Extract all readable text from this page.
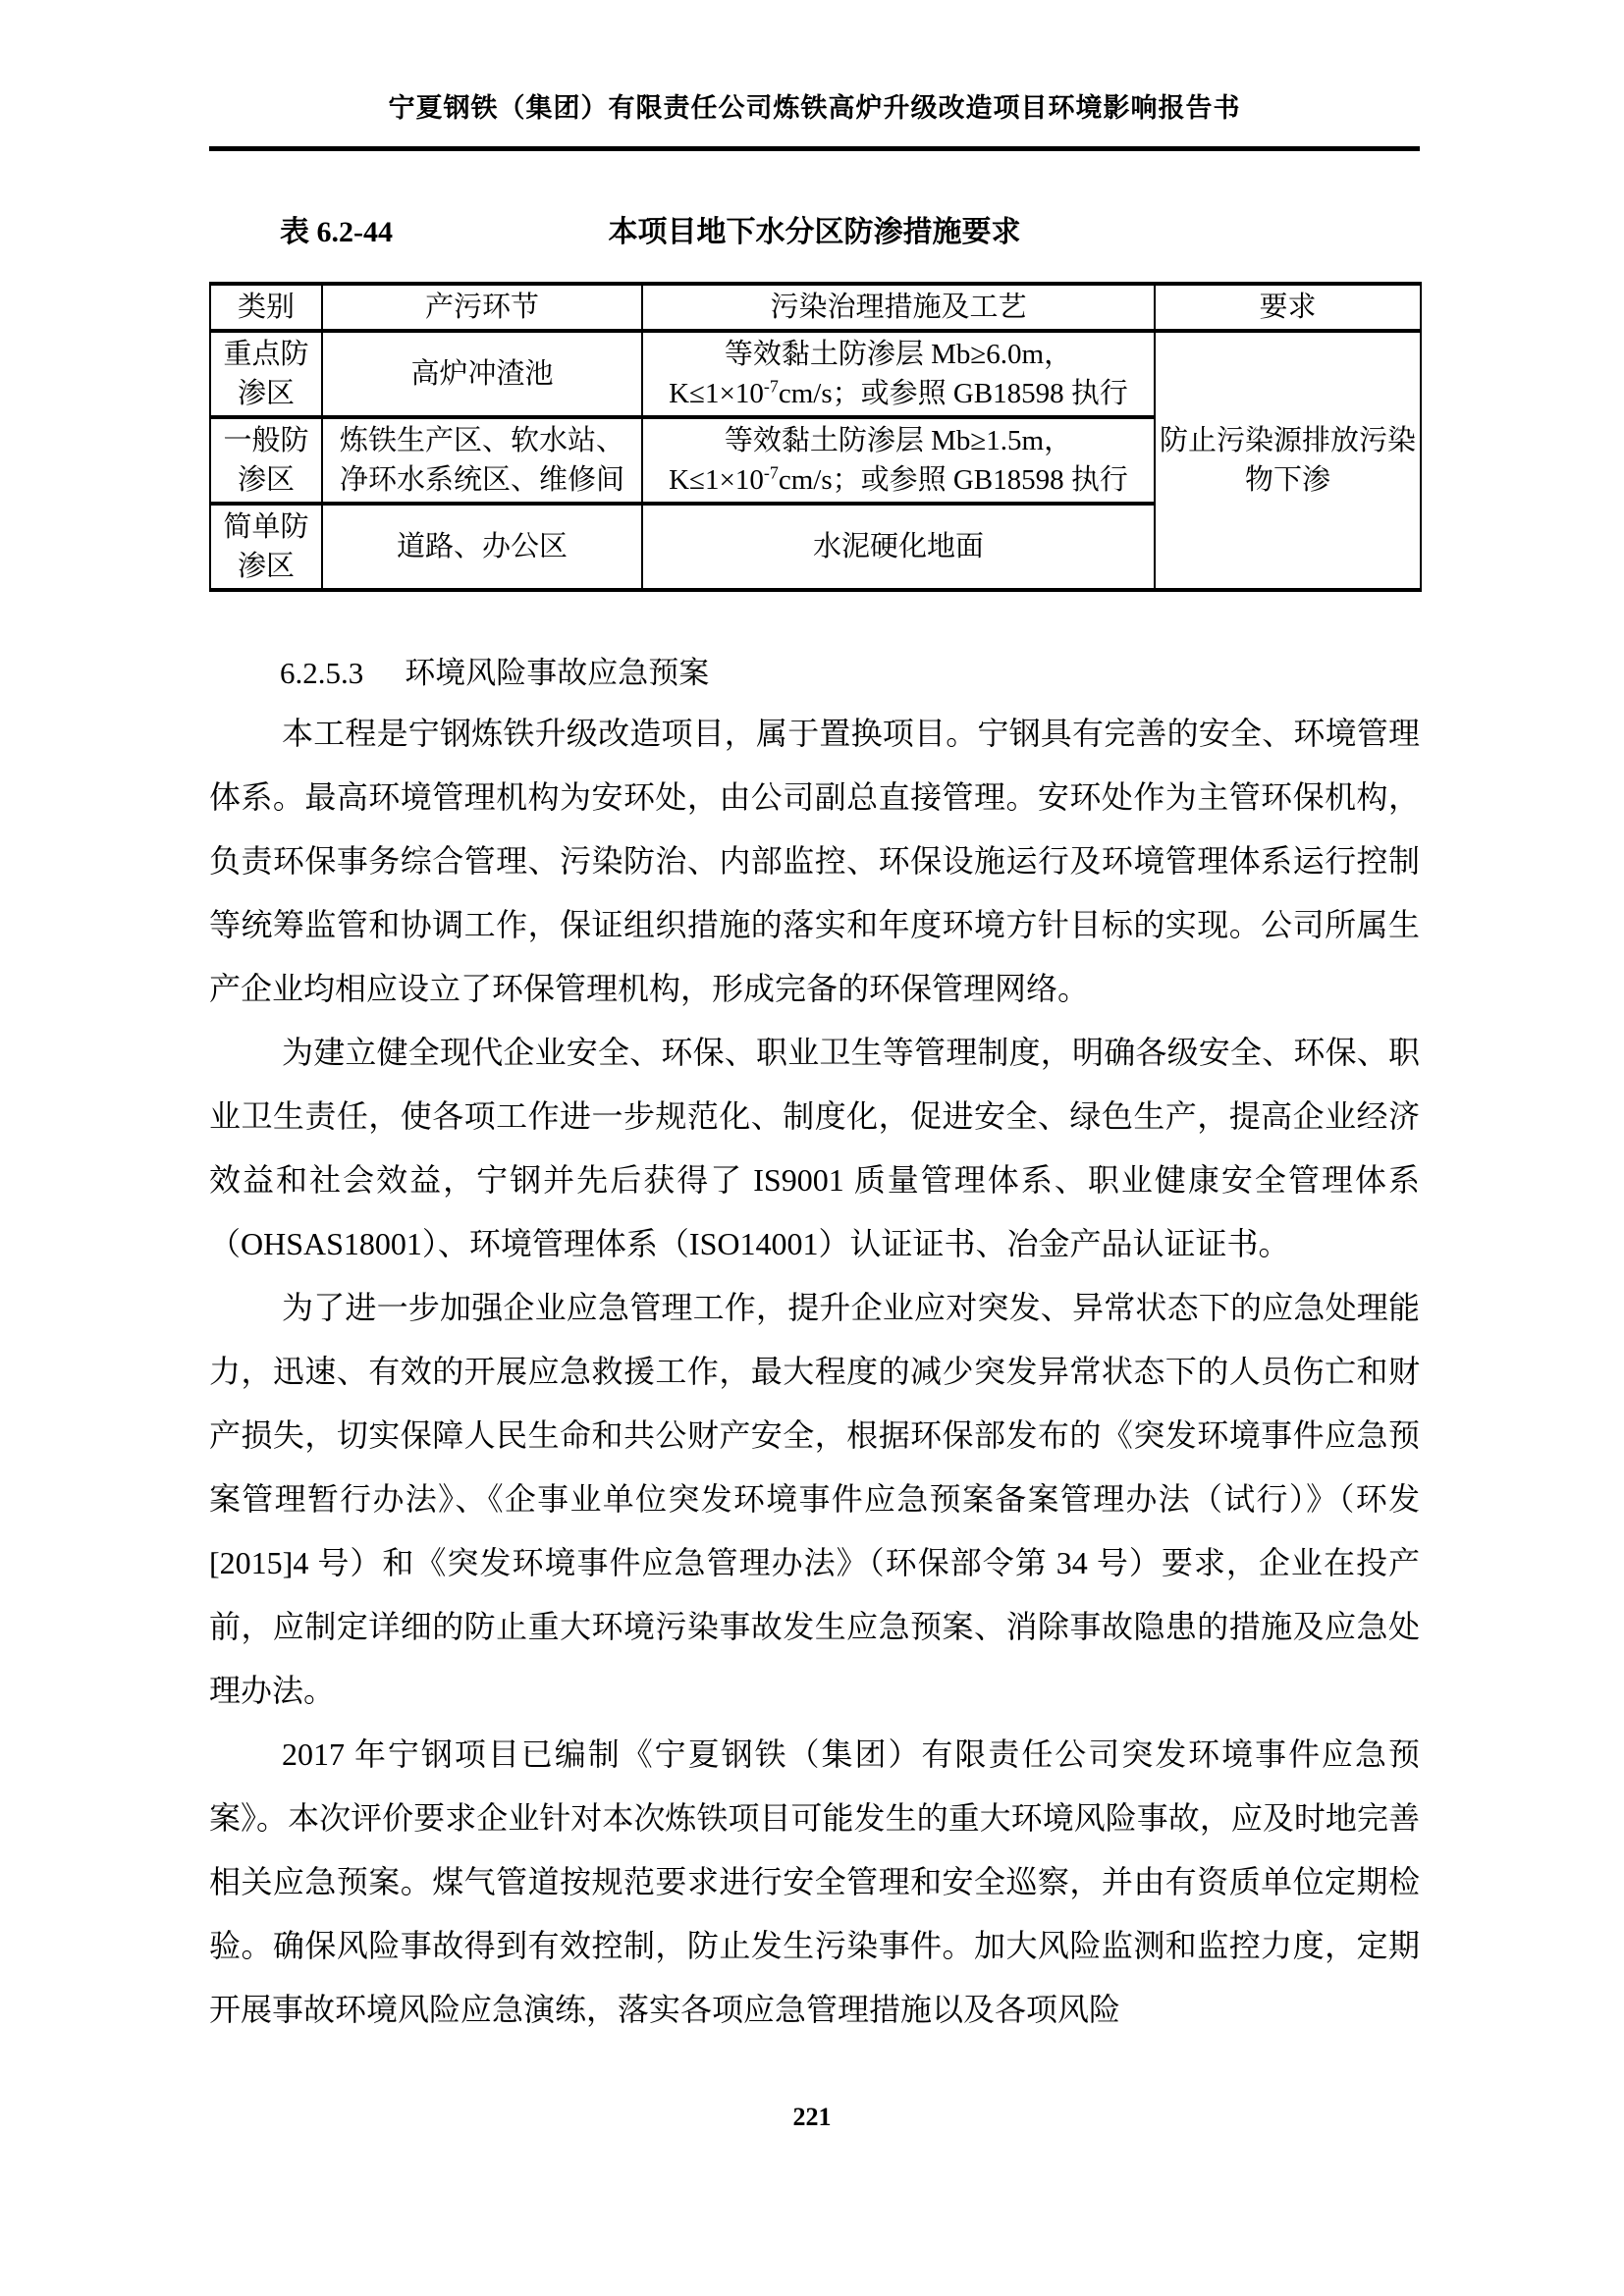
宁夏钢铁（集团）有限责任公司炼铁高炉升级改造项目环境影响报告书
表 6.2-44	本项目地下水分区防渗措施要求
类别	产污环节	污染治理措施及工艺	要求
重点防渗区	高炉冲渣池	等效黏土防渗层 Mb≥6.0m，
$K\le 1\times 10^{-7}cm/s$；或参照 GB18598 执行	防止污染源排放污染物下渗
一般防渗区	炼铁生产区、软水站、净环水系统区、维修间	等效黏土防渗层 Mb≥1.5m，
$K\le 1\times 10^{-7}cm/s$；或参照 GB18598 执行	
简单防渗区	道路、办公区	水泥硬化地面	
6.2.5.3 环境风险事故应急预案

本工程是宁钢炼铁升级改造项目，属于置换项目。宁钢具有完善的安全、环境管理体系。最高环境管理机构为安环处，由公司副总直接管理。安环处作为主管环保机构，负责环保事务综合管理、污染防治、内部监控、环保设施运行及环境管理体系运行控制等统筹监管和协调工作，保证组织措施的落实和年度环境方针目标的实现。公司所属生产企业均相应设立了环保管理机构，形成完备的环保管理网络。

为建立健全现代企业安全、环保、职业卫生等管理制度，明确各级安全、环保、职业卫生责任，使各项工作进一步规范化、制度化，促进安全、绿色生产，提高企业经济效益和社会效益，宁钢并先后获得了 IS9001 质量管理体系、职业健康安全管理体系（OHSAS18001）、环境管理体系（ISO14001）认证证书、冶金产品认证证书。

为了进一步加强企业应急管理工作，提升企业应对突发、异常状态下的应急处理能力，迅速、有效的开展应急救援工作，最大程度的减少突发异常状态下的人员伤亡和财产损失，切实保障人民生命和共公财产安全，根据环保部发布的《突发环境事件应急预案管理暂行办法》、《企事业单位突发环境事件应急预案备案管理办法（试行）》（环发[2015]4 号）和《突发环境事件应急管理办法》（环保部令第 34 号）要求，企业在投产前，应制定详细的防止重大环境污染事故发生应急预案、消除事故隐患的措施及应急处理办法。

2017 年宁钢项目已编制《宁夏钢铁（集团）有限责任公司突发环境事件应急预案》。本次评价要求企业针对本次炼铁项目可能发生的重大环境风险事故，应及时地完善相关应急预案。煤气管道按规范要求进行安全管理和安全巡察，并由有资质单位定期检验。确保风险事故得到有效控制，防止发生污染事件。加大风险监测和监控力度，定期开展事故环境风险应急演练，落实各项应急管理措施以及各项风险

221
